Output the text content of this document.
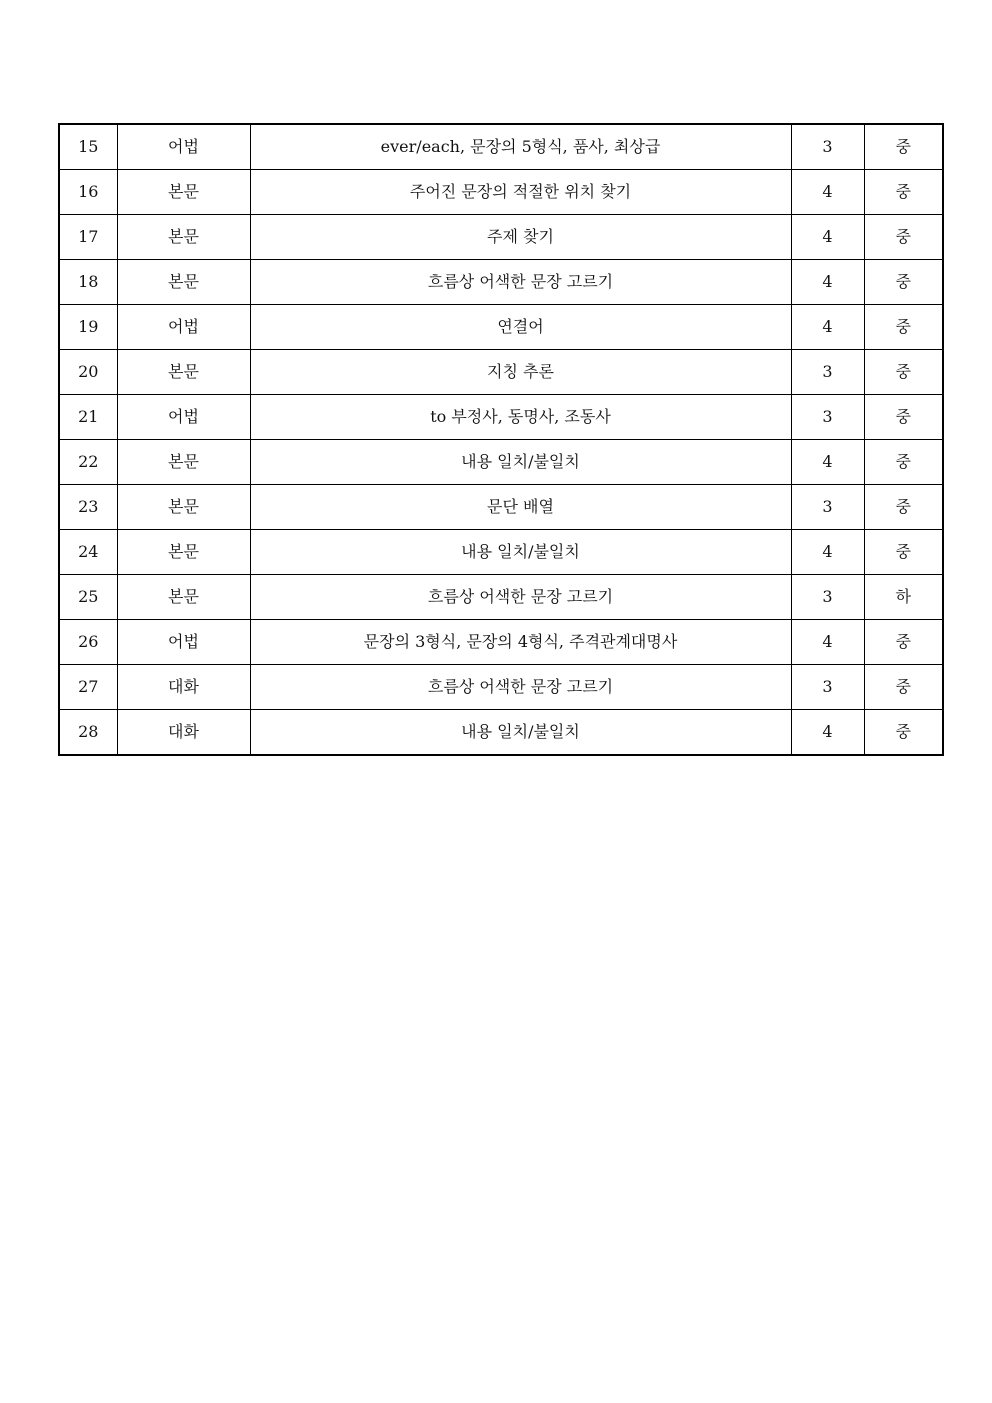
15	어법	ever/each, 문장의 5형식, 품사, 최상급	3	중
16	본문	주어진 문장의 적절한 위치 찾기	4	중
17	본문	주제 찾기	4	중
18	본문	흐름상 어색한 문장 고르기	4	중
19	어법	연결어	4	중
20	본문	지칭 추론	3	중
21	어법	to 부정사, 동명사, 조동사	3	중
22	본문	내용 일치/불일치	4	중
23	본문	문단 배열	3	중
24	본문	내용 일치/불일치	4	중
25	본문	흐름상 어색한 문장 고르기	3	하
26	어법	문장의 3형식, 문장의 4형식, 주격관계대명사	4	중
27	대화	흐름상 어색한 문장 고르기	3	중
28	대화	내용 일치/불일치	4	중
